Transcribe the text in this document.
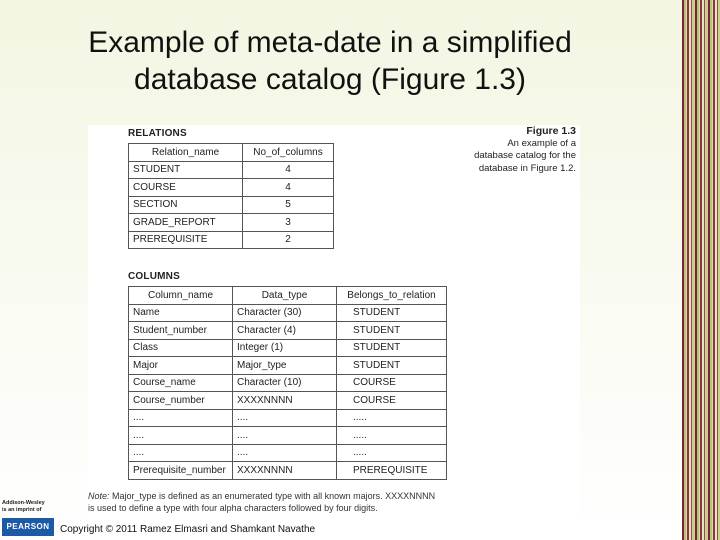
Example of meta-date in a simplified
database catalog (Figure 1.3)
Figure 1.3
An example of a
database catalog for the
database in Figure 1.2.
RELATIONS
Relation_name	No_of_columns
STUDENT	4
COURSE	4
SECTION	5
GRADE_REPORT	3
PREREQUISITE	2
COLUMNS
Column_name	Data_type	Belongs_to_relation
Name	Character (30)	STUDENT
Student_number	Character (4)	STUDENT
Class	Integer (1)	STUDENT
Major	Major_type	STUDENT
Course_name	Character (10)	COURSE
Course_number	XXXXNNNN	COURSE
....	....	.....
....	....	.....
....	....	.....
Prerequisite_number	XXXXNNNN	PREREQUISITE
Note: Major_type is defined as an enumerated type with all known majors. XXXXNNNN
is used to define a type with four alpha characters followed by four digits.
Addison-Wesley
is an imprint of
PEARSON	Copyright © 2011 Ramez Elmasri and Shamkant Navathe
